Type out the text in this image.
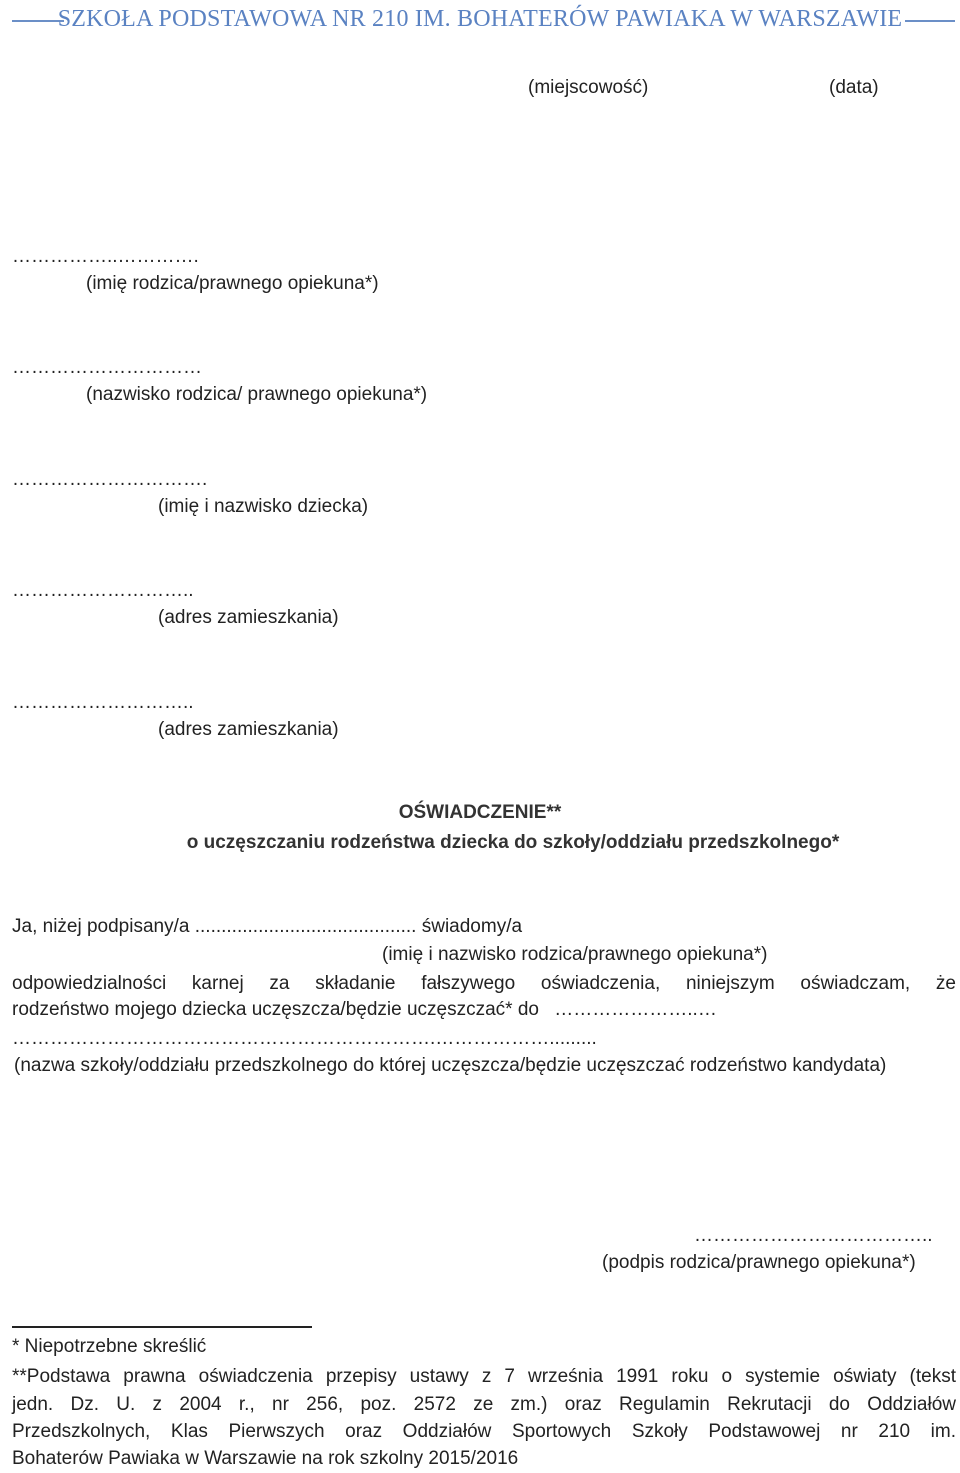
SZKOŁA PODSTAWOWA NR 210 IM. BOHATERÓW PAWIAKA W WARSZAWIE
(miejscowość)	(data)
……………..………….
(imię rodzica/prawnego opiekuna*)
…………………………
(nazwisko rodzica/ prawnego opiekuna*)
………………………….
(imię i nazwisko dziecka)
………………………..
(adres zamieszkania)
………………………..
(adres zamieszkania)
OŚWIADCZENIE**
o uczęszczaniu rodzeństwa dziecka do szkoły/oddziału przedszkolnego*
Ja, niżej podpisany/a .......................................... świadomy/a
(imię i nazwisko rodzica/prawnego opiekuna*)
odpowiedzialności karnej za składanie fałszywego oświadczenia, niniejszym oświadczam, że
rodzeństwo mojego dziecka uczęszcza/będzie uczęszczać* do …………………..…
………………………………………………………….……………….........
(nazwa szkoły/oddziału przedszkolnego do której uczęszcza/będzie uczęszczać rodzeństwo kandydata)
………………………………..
(podpis rodzica/prawnego opiekuna*)
* Niepotrzebne skreślić
**Podstawa prawna oświadczenia przepisy ustawy z 7 września 1991 roku o systemie oświaty (tekst
jedn. Dz. U. z 2004 r., nr 256, poz. 2572 ze zm.) oraz Regulamin Rekrutacji do Oddziałów
Przedszkolnych, Klas Pierwszych oraz Oddziałów Sportowych Szkoły Podstawowej nr 210 im.
Bohaterów Pawiaka w Warszawie na rok szkolny 2015/2016
